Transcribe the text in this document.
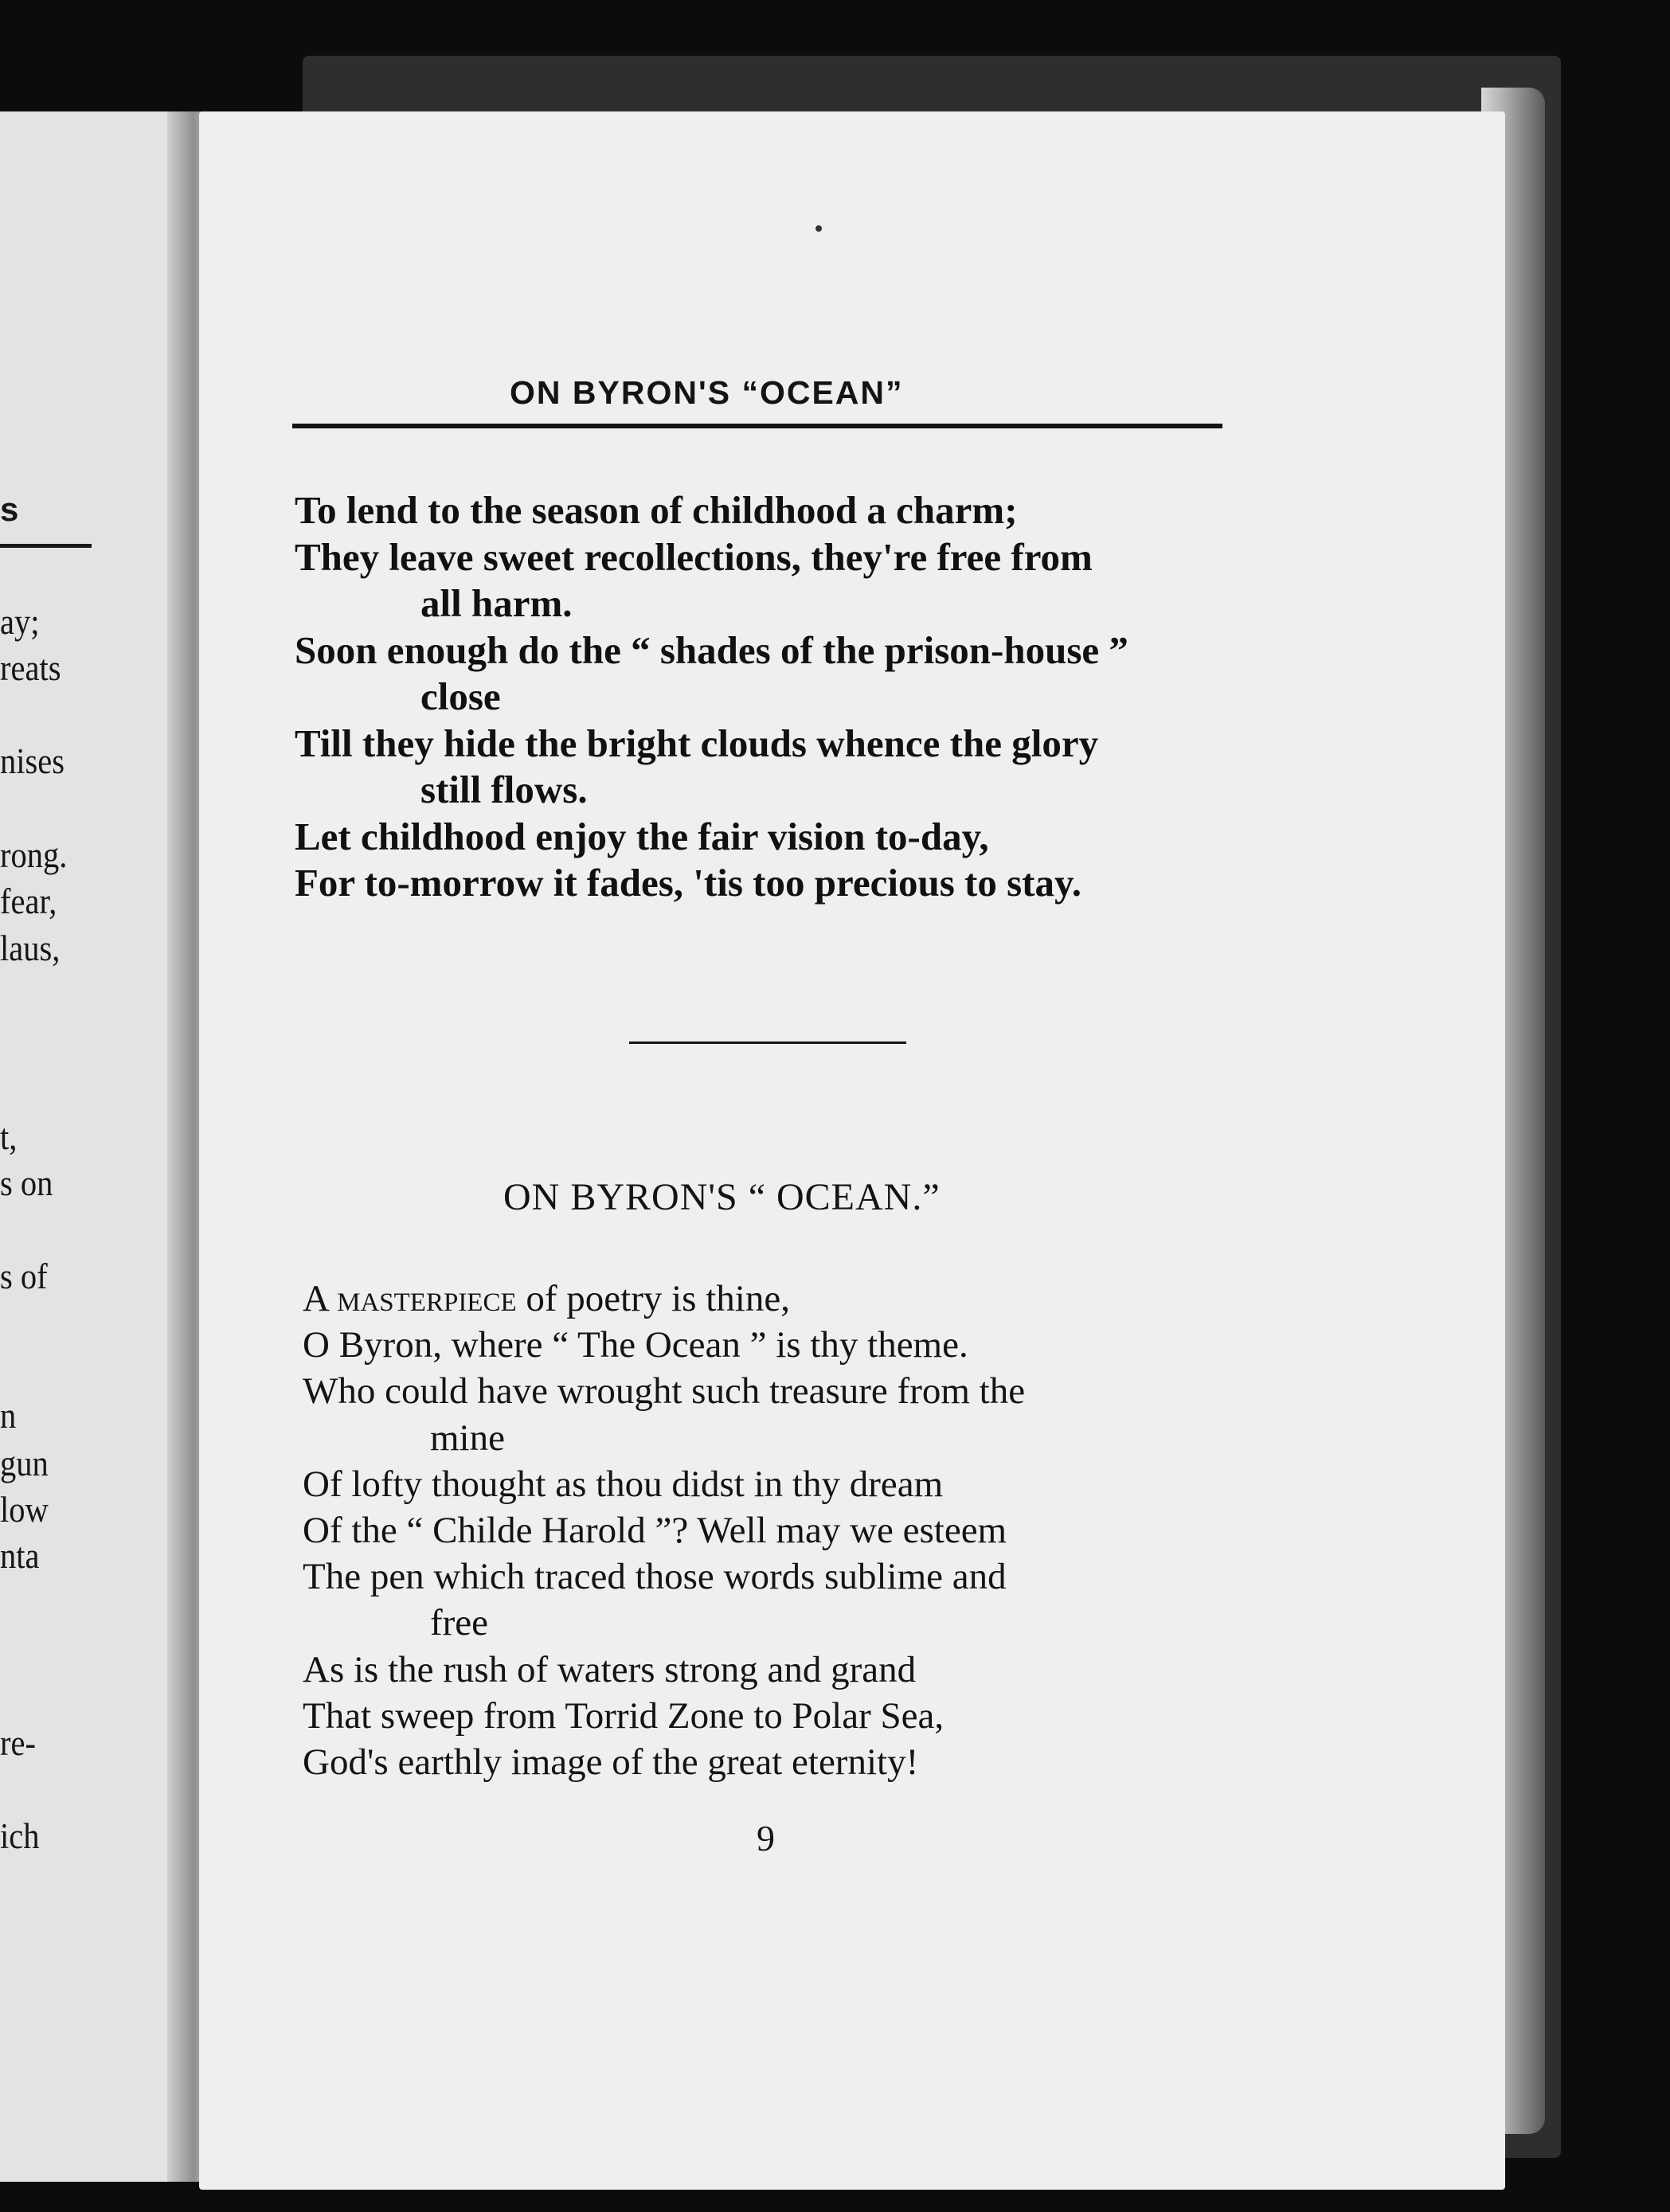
s
ay;
reats
nises
rong.
fear,
laus,
t,
s on
s of
n
gun
low
nta
re-
ich
ON BYRON'S “OCEAN”
To lend to the season of childhood a charm;
They leave sweet recollections, they're free from
all harm.
Soon enough do the “ shades of the prison-house ”
close
Till they hide the bright clouds whence the glory
still flows.
Let childhood enjoy the fair vision to-day,
For to-morrow it fades, 'tis too precious to stay.
ON BYRON'S “ OCEAN.”
A masterpiece of poetry is thine,
O Byron, where “ The Ocean ” is thy theme.
Who could have wrought such treasure from the
mine
Of lofty thought as thou didst in thy dream
Of the “ Childe Harold ”? Well may we esteem
The pen which traced those words sublime and
free
As is the rush of waters strong and grand
That sweep from Torrid Zone to Polar Sea,
God's earthly image of the great eternity!
9
